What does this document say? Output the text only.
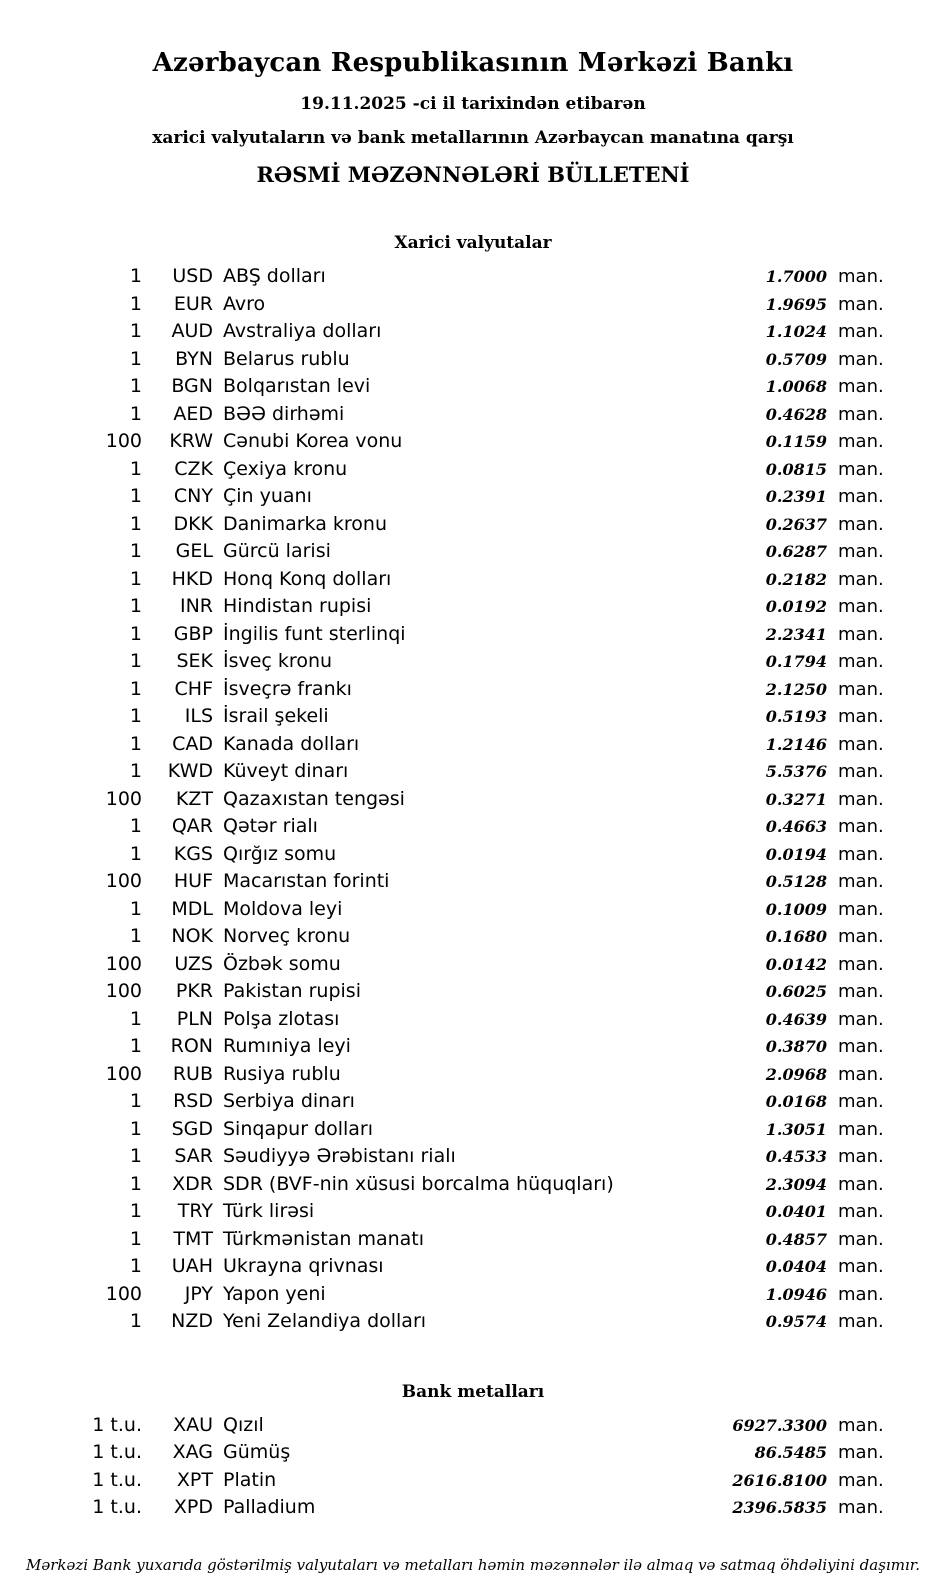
Azərbaycan Respublikasının Mərkəzi Bankı
19.11.2025 -ci il tarixindən etibarən
xarici valyutaların və bank metallarının Azərbaycan manatına qarşı
RƏSMİ MƏZƏNNƏLƏRİ BÜLLETENİ
Xarici valyutalar
1	USD	ABŞ dolları	1.7000	man.
1	EUR	Avro	1.9695	man.
1	AUD	Avstraliya dolları	1.1024	man.
1	BYN	Belarus rublu	0.5709	man.
1	BGN	Bolqarıstan levi	1.0068	man.
1	AED	BƏƏ dirhəmi	0.4628	man.
100	KRW	Cənubi Korea vonu	0.1159	man.
1	CZK	Çexiya kronu	0.0815	man.
1	CNY	Çin yuanı	0.2391	man.
1	DKK	Danimarka kronu	0.2637	man.
1	GEL	Gürcü larisi	0.6287	man.
1	HKD	Honq Konq dolları	0.2182	man.
1	INR	Hindistan rupisi	0.0192	man.
1	GBP	İngilis funt sterlinqi	2.2341	man.
1	SEK	İsveç kronu	0.1794	man.
1	CHF	İsveçrə frankı	2.1250	man.
1	ILS	İsrail şekeli	0.5193	man.
1	CAD	Kanada dolları	1.2146	man.
1	KWD	Küveyt dinarı	5.5376	man.
100	KZT	Qazaxıstan tengəsi	0.3271	man.
1	QAR	Qətər rialı	0.4663	man.
1	KGS	Qırğız somu	0.0194	man.
100	HUF	Macarıstan forinti	0.5128	man.
1	MDL	Moldova leyi	0.1009	man.
1	NOK	Norveç kronu	0.1680	man.
100	UZS	Özbək somu	0.0142	man.
100	PKR	Pakistan rupisi	0.6025	man.
1	PLN	Polşa zlotası	0.4639	man.
1	RON	Rumıniya leyi	0.3870	man.
100	RUB	Rusiya rublu	2.0968	man.
1	RSD	Serbiya dinarı	0.0168	man.
1	SGD	Sinqapur dolları	1.3051	man.
1	SAR	Səudiyyə Ərəbistanı rialı	0.4533	man.
1	XDR	SDR (BVF-nin xüsusi borcalma hüquqları)	2.3094	man.
1	TRY	Türk lirəsi	0.0401	man.
1	TMT	Türkmənistan manatı	0.4857	man.
1	UAH	Ukrayna qrivnası	0.0404	man.
100	JPY	Yapon yeni	1.0946	man.
1	NZD	Yeni Zelandiya dolları	0.9574	man.
Bank metalları
1 t.u.	XAU	Qızıl	6927.3300	man.
1 t.u.	XAG	Gümüş	86.5485	man.
1 t.u.	XPT	Platin	2616.8100	man.
1 t.u.	XPD	Palladium	2396.5835	man.
Mərkəzi Bank yuxarıda göstərilmiş valyutaları və metalları həmin məzənnələr ilə almaq və satmaq öhdəliyini daşımır.
